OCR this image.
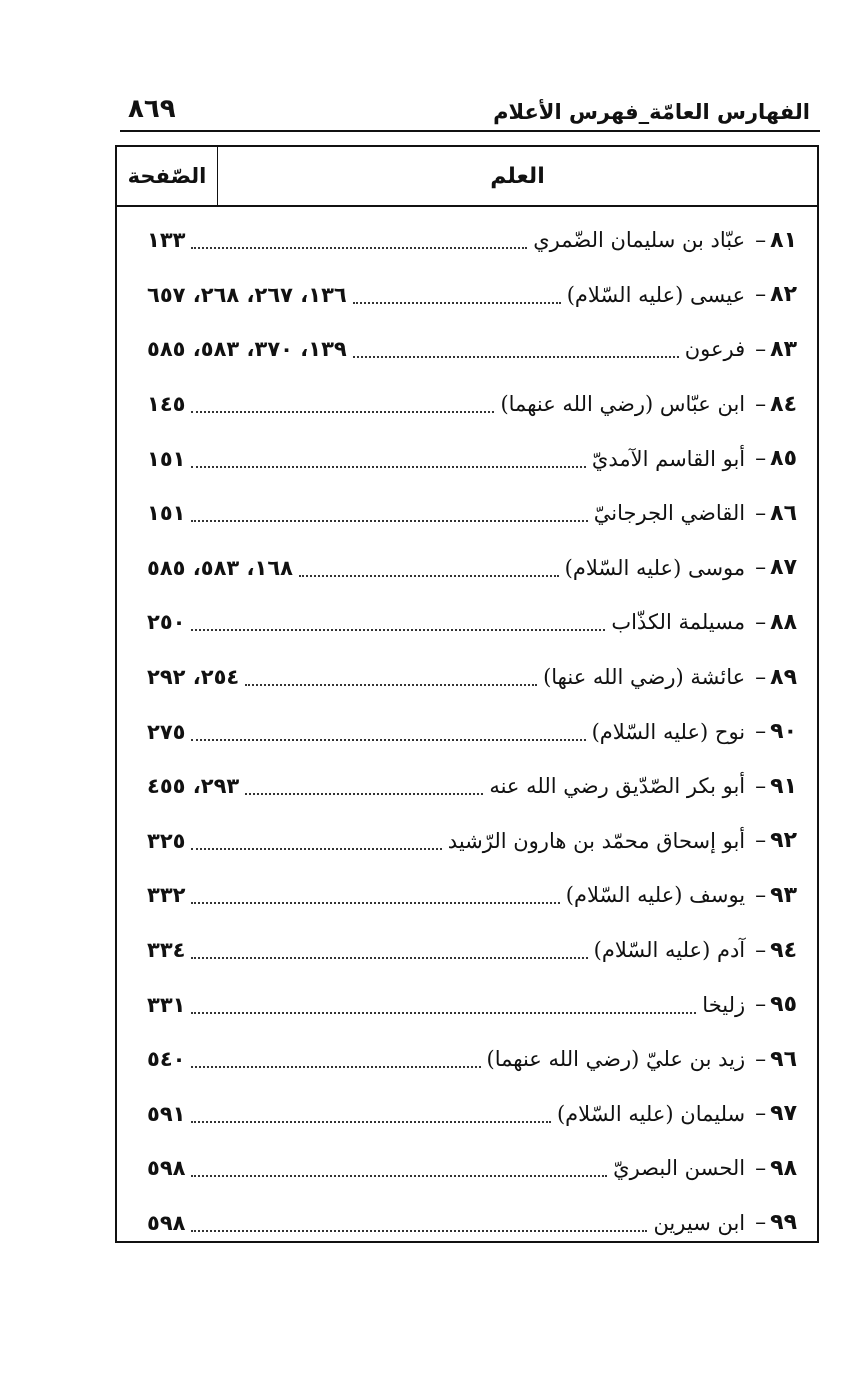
الفهارس العامّة_فهرس الأعلام
٨٦٩
العلم
الصّفحة
٨١
–
عبّاد بن سليمان الضّمري
١٣٣
٨٢
–
عيسى (عليه السّلام)
١٣٦، ٢٦٧، ٢٦٨، ٦٥٧
٨٣
–
فرعون
١٣٩، ٣٧٠، ٥٨٣، ٥٨٥
٨٤
–
ابن عبّاس (رضي الله عنهما)
١٤٥
٨٥
–
أبو القاسم الآمديّ
١٥١
٨٦
–
القاضي الجرجانيّ
١٥١
٨٧
–
موسى (عليه السّلام)
١٦٨، ٥٨٣، ٥٨٥
٨٨
–
مسيلمة الكذّاب
٢٥٠
٨٩
–
عائشة (رضي الله عنها)
٢٥٤، ٢٩٢
٩٠
–
نوح (عليه السّلام)
٢٧٥
٩١
–
أبو بكر الصّدّيق رضي الله عنه
٢٩٣، ٤٥٥
٩٢
–
أبو إسحاق محمّد بن هارون الرّشيد
٣٢٥
٩٣
–
يوسف (عليه السّلام)
٣٣٢
٩٤
–
آدم (عليه السّلام)
٣٣٤
٩٥
–
زليخا
٣٣١
٩٦
–
زيد بن عليّ (رضي الله عنهما)
٥٤٠
٩٧
–
سليمان (عليه السّلام)
٥٩١
٩٨
–
الحسن البصريّ
٥٩٨
٩٩
–
ابن سيرين
٥٩٨
